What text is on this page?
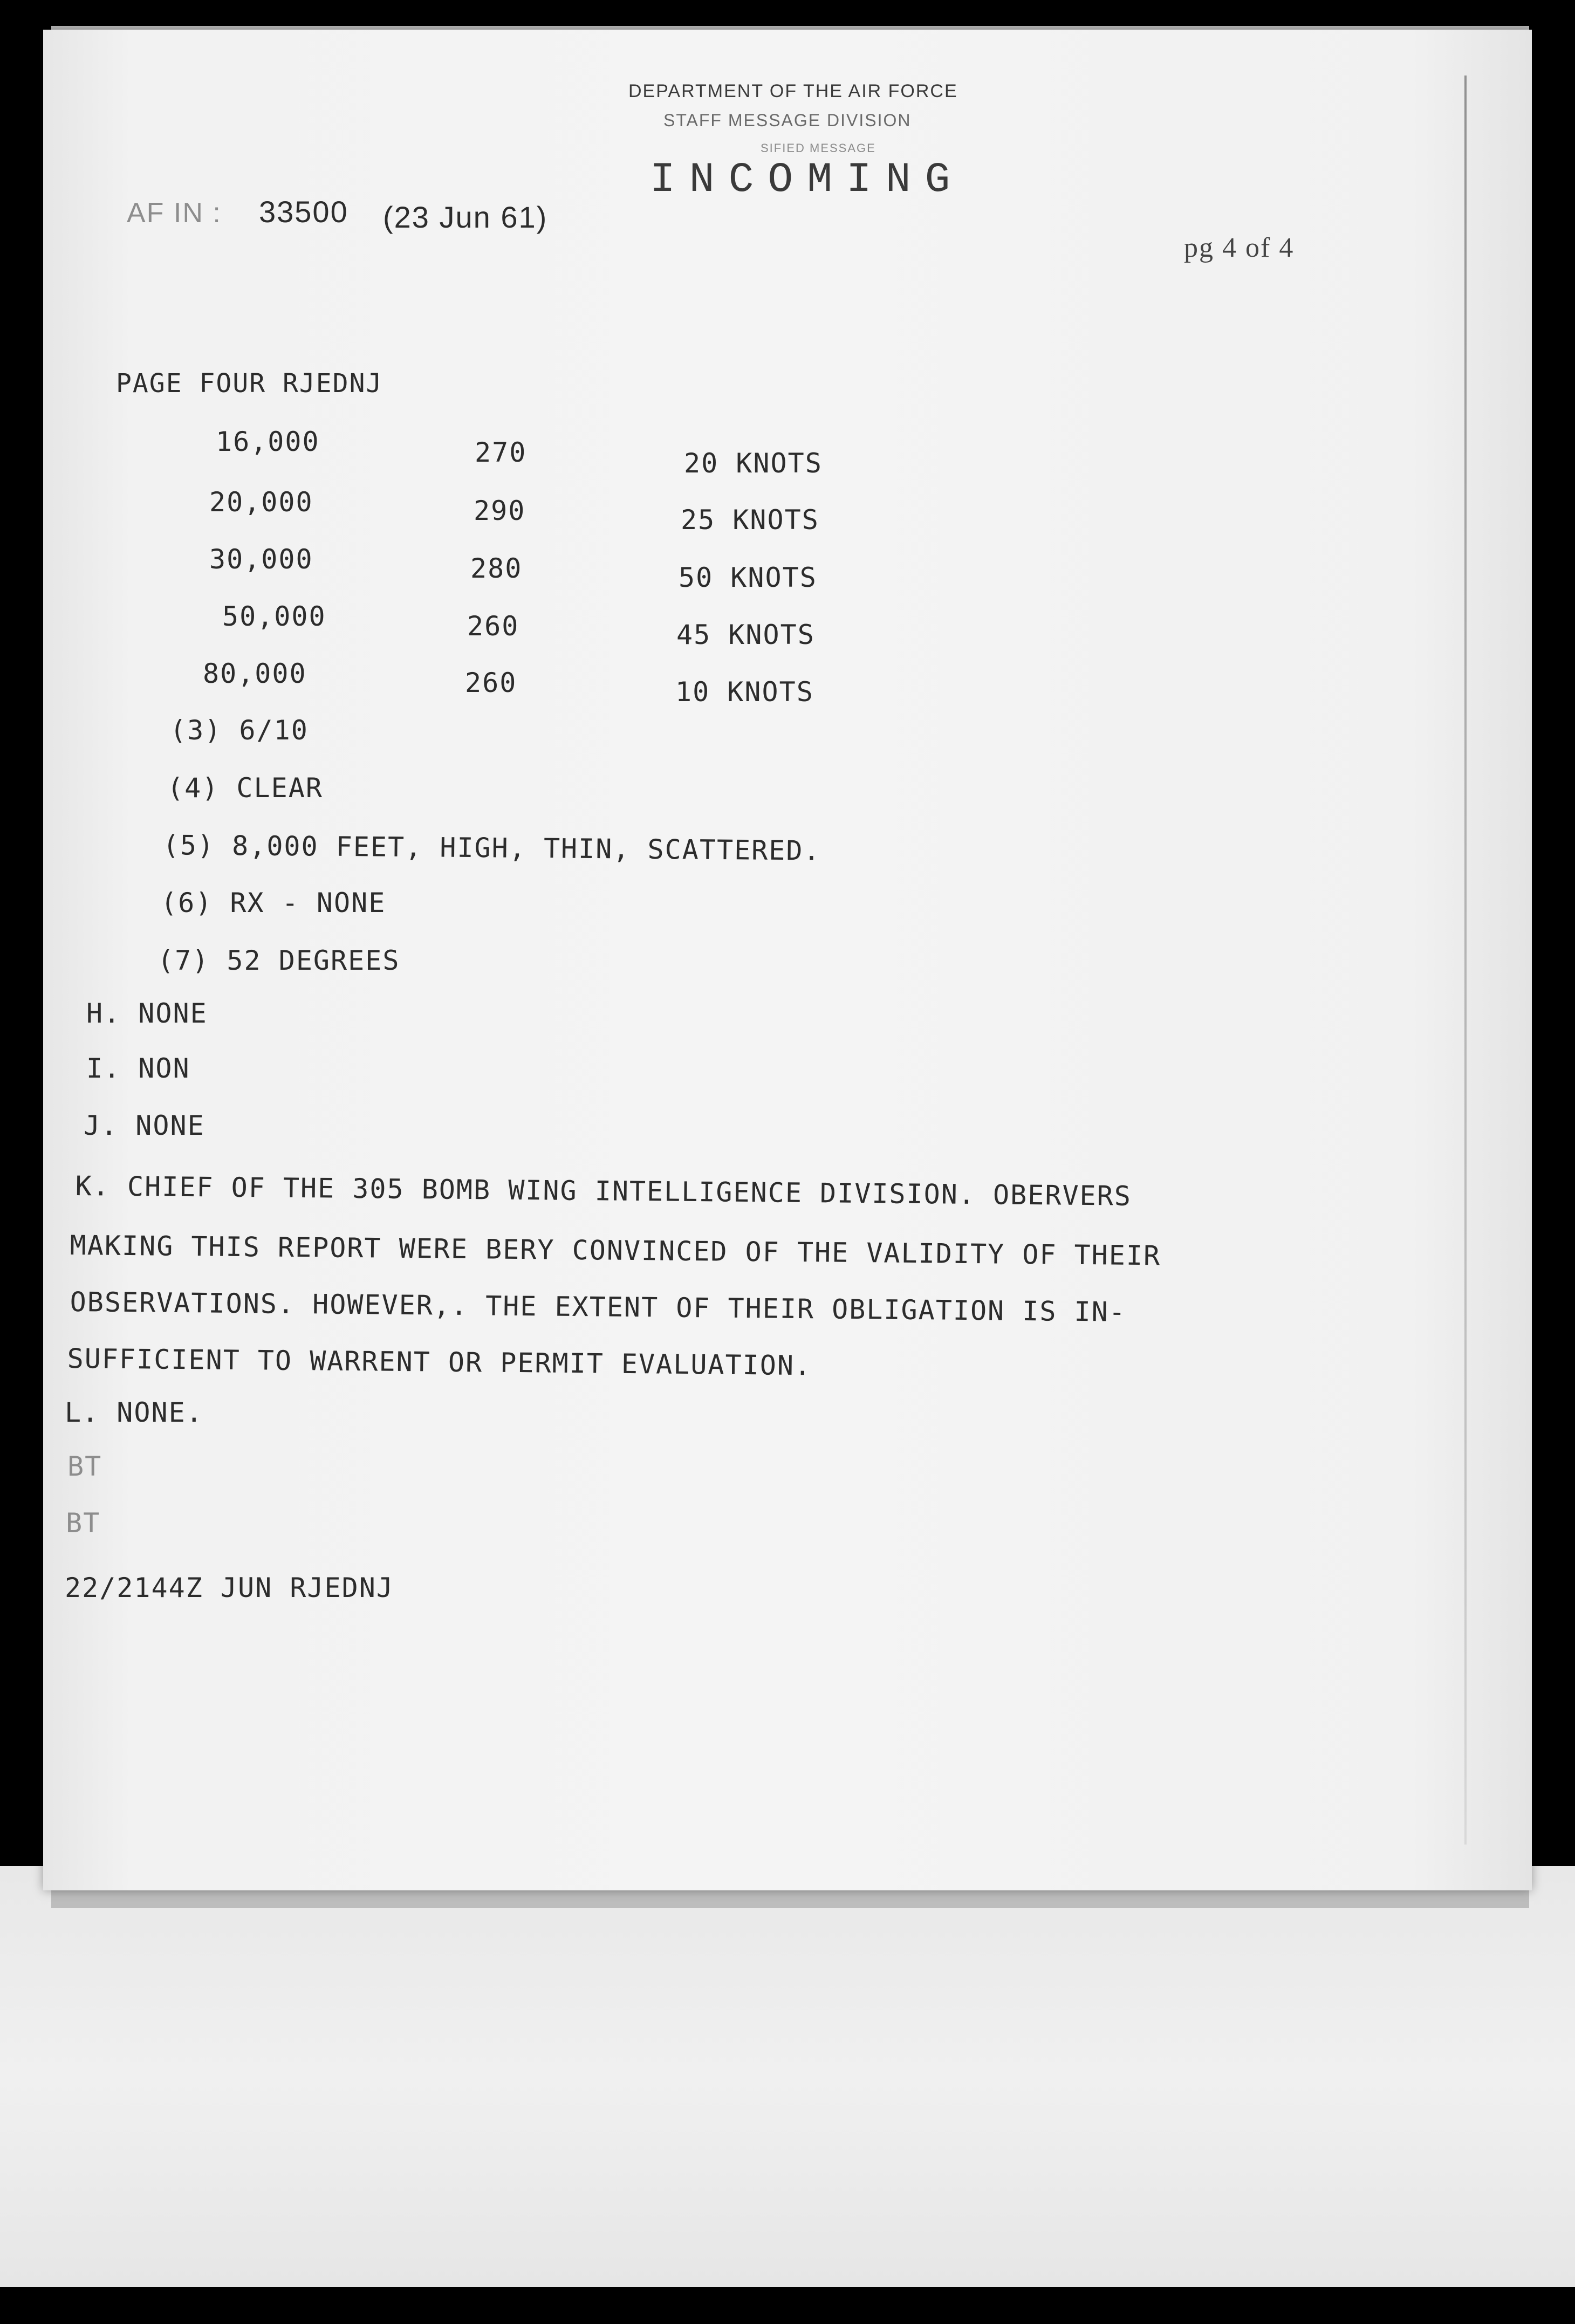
DEPARTMENT OF THE AIR FORCE
STAFF MESSAGE DIVISION
SIFIED MESSAGE
INCOMING
AF IN : 33500 (23 Jun 61)
pg 4 of 4
PAGE FOUR RJEDNJ
16,000	270	20 KNOTS
20,000	290	25 KNOTS
30,000	280	50 KNOTS
50,000	260	45 KNOTS
80,000	260	10 KNOTS
(3) 6/10
(4) CLEAR
(5) 8,000 FEET, HIGH, THIN, SCATTERED.
(6) RX - NONE
(7) 52 DEGREES
H. NONE
I. NON
J. NONE
K. CHIEF OF THE 305 BOMB WING INTELLIGENCE DIVISION. OBERVERS
MAKING THIS REPORT WERE BERY CONVINCED OF THE VALIDITY OF THEIR
OBSERVATIONS. HOWEVER,. THE EXTENT OF THEIR OBLIGATION IS IN-
SUFFICIENT TO WARRENT OR PERMIT EVALUATION.
L. NONE.
BT
BT
22/2144Z JUN RJEDNJ
